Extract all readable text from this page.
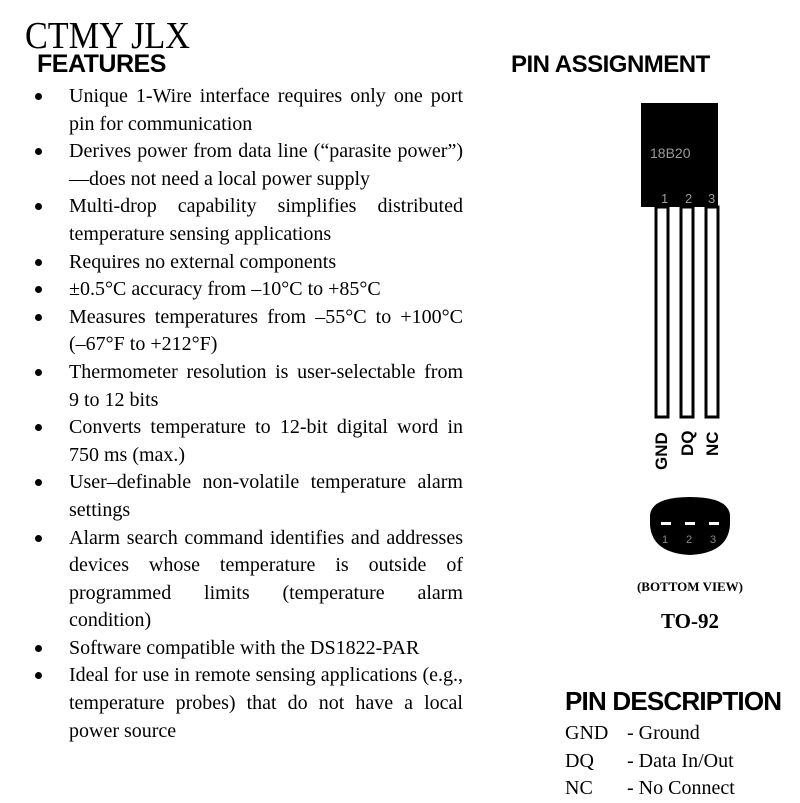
CTMY JLX
FEATURES
Unique 1-Wire interface requires only one port pin for communication
Derives power from data line (“parasite power”)—does not need a local power supply
Multi-drop capability simplifies distributed temperature sensing applications
Requires no external components
±0.5°C accuracy from –10°C to +85°C
Measures temperatures from –55°C to +100°C (–67°F to +212°F)
Thermometer resolution is user-selectable from 9 to 12 bits
Converts temperature to 12-bit digital word in 750 ms (max.)
User–definable non-volatile temperature alarm settings
Alarm search command identifies and addresses devices whose temperature is outside of programmed limits (temperature alarm condition)
Software compatible with the DS1822-PAR
Ideal for use in remote sensing applications (e.g., temperature probes) that do not have a local power source
PIN ASSIGNMENT
18B20
1 2 3
GND DQ NC
1 2 3
(BOTTOM VIEW)
TO-92
PIN DESCRIPTION
GND - Ground
DQ	- Data In/Out
NC	- No Connect
